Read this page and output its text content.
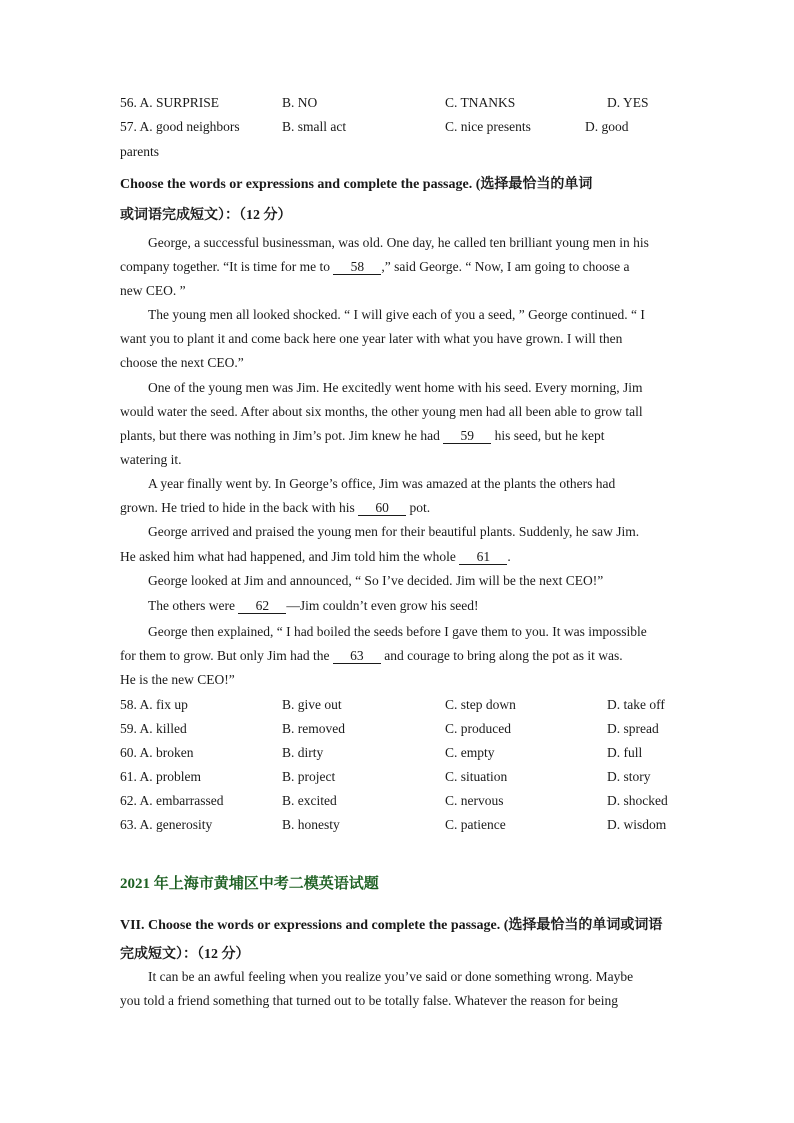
56. A. SURPRISE	B. NO	C. TNANKS	D. YES
57. A. good neighbors	B. small act	C. nice presents	D. good
parents
Choose the words or expressions and complete the passage. (选择最恰当的单词
或词语完成短文）：（12 分）
George, a successful businessman, was old. One day, he called ten brilliant young men in his
company together. “It is time for me to 58 ,” said George. “ Now, I am going to choose a
new CEO. ”
The young men all looked shocked. “ I will give each of you a seed, ” George continued. “ I
want you to plant it and come back here one year later with what you have grown. I will then
choose the next CEO.”
One of the young men was Jim. He excitedly went home with his seed. Every morning, Jim
would water the seed. After about six months, the other young men had all been able to grow tall
plants, but there was nothing in Jim’s pot. Jim knew he had 59 his seed, but he kept
watering it.
A year finally went by. In George’s office, Jim was amazed at the plants the others had
grown. He tried to hide in the back with his 60 pot.
George arrived and praised the young men for their beautiful plants. Suddenly, he saw Jim.
He asked him what had happened, and Jim told him the whole 61 .
George looked at Jim and announced, “ So I’ve decided. Jim will be the next CEO!”
The others were 62 —Jim couldn’t even grow his seed!
George then explained, “ I had boiled the seeds before I gave them to you. It was impossible
for them to grow. But only Jim had the 63 and courage to bring along the pot as it was.
He is the new CEO!”
58. A. fix up	B. give out	C. step down	D. take off
59. A. killed	B. removed	C. produced	D. spread
60. A. broken	B. dirty	C. empty	D. full
61. A. problem	B. project	C. situation	D. story
62. A. embarrassed	B. excited	C. nervous	D. shocked
63. A. generosity	B. honesty	C. patience	D. wisdom
2021 年上海市黄埔区中考二模英语试题
VII. Choose the words or expressions and complete the passage. (选择最恰当的单词或词语
完成短文）：（12 分）
It can be an awful feeling when you realize you’ve said or done something wrong. Maybe
you told a friend something that turned out to be totally false. Whatever the reason for being
